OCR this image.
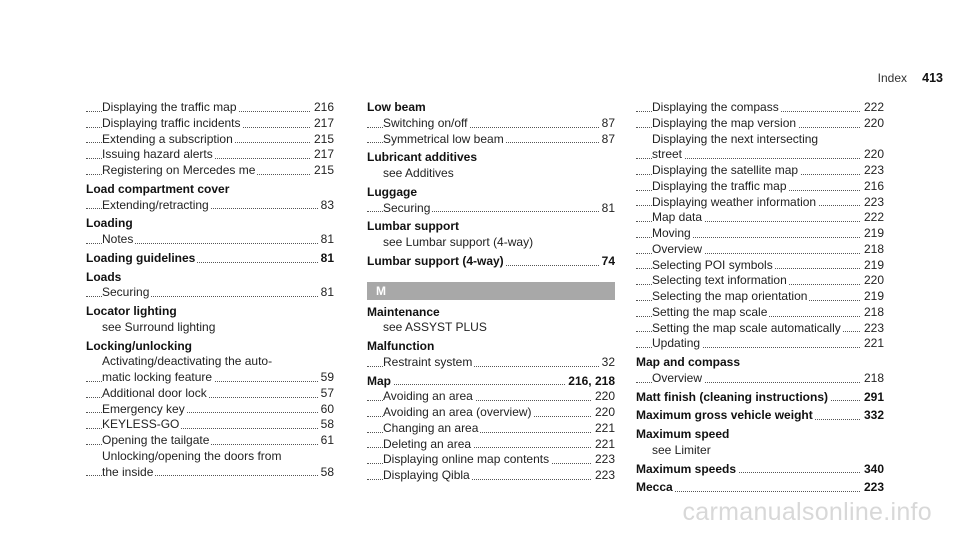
Index 413
Displaying the traffic map	216
Displaying traffic incidents	217
Extending a subscription	215
Issuing hazard alerts	217
Registering on Mercedes me	215
Load compartment cover
Extending/retracting	83
Loading
Notes	81
Loading guidelines	81
Loads
Securing	81
Locator lighting
see Surround lighting
Locking/unlocking
Activating/deactivating the auto-
matic locking feature	59
Additional door lock	57
Emergency key	60
KEYLESS-GO	58
Opening the tailgate	61
Unlocking/opening the doors from
the inside	58
Low beam
Switching on/off	87
Symmetrical low beam	87
Lubricant additives
see Additives
Luggage
Securing	81
Lumbar support
see Lumbar support (4-way)
Lumbar support (4-way)	74
M
Maintenance
see ASSYST PLUS
Malfunction
Restraint system	32
Map	216, 218
Avoiding an area	220
Avoiding an area (overview)	220
Changing an area	221
Deleting an area	221
Displaying online map contents	223
Displaying Qibla	223
Displaying the compass	222
Displaying the map version	220
Displaying the next intersecting
street	220
Displaying the satellite map	223
Displaying the traffic map	216
Displaying weather information	223
Map data	222
Moving	219
Overview	218
Selecting POI symbols	219
Selecting text information	220
Selecting the map orientation	219
Setting the map scale	218
Setting the map scale automatically 223
Updating	221
Map and compass
Overview	218
Matt finish (cleaning instructions)	291
Maximum gross vehicle weight	332
Maximum speed
see Limiter
Maximum speeds	340
Mecca	223
carmanualsonline.info
